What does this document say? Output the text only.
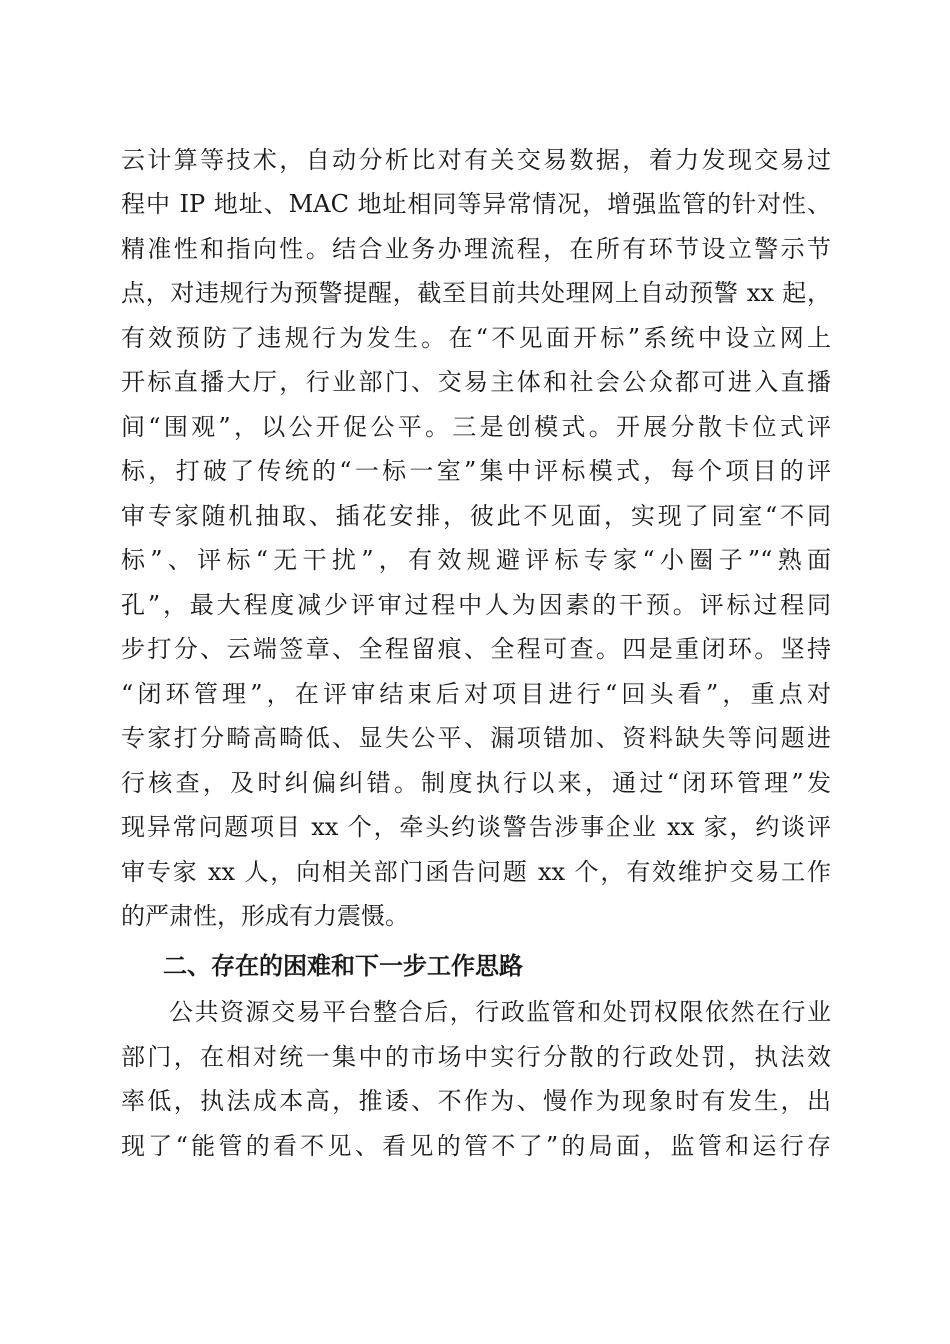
云计算等技术，自动分析比对有关交易数据，着力发现交易过
程中 IP 地址、MAC 地址相同等异常情况，增强监管的针对性、
精准性和指向性。结合业务办理流程，在所有环节设立警示节
点，对违规行为预警提醒，截至目前共处理网上自动预警 xx 起，
有效预防了违规行为发生。在“不见面开标”系统中设立网上
开标直播大厅，行业部门、交易主体和社会公众都可进入直播
间“围观”，以公开促公平。三是创模式。开展分散卡位式评
标，打破了传统的“一标一室”集中评标模式，每个项目的评
审专家随机抽取、插花安排，彼此不见面，实现了同室“不同
标”、评标“无干扰”，有效规避评标专家“小圈子”“熟面
孔”，最大程度减少评审过程中人为因素的干预。评标过程同
步打分、云端签章、全程留痕、全程可查。四是重闭环。坚持
“闭环管理”，在评审结束后对项目进行“回头看”，重点对
专家打分畸高畸低、显失公平、漏项错加、资料缺失等问题进
行核查，及时纠偏纠错。制度执行以来，通过“闭环管理”发
现异常问题项目 xx 个，牵头约谈警告涉事企业 xx 家，约谈评
审专家 xx 人，向相关部门函告问题 xx 个，有效维护交易工作
的严肃性，形成有力震慑。
二、存在的困难和下一步工作思路
公共资源交易平台整合后，行政监管和处罚权限依然在行业
部门，在相对统一集中的市场中实行分散的行政处罚，执法效
率低，执法成本高，推诿、不作为、慢作为现象时有发生，出
现了“能管的看不见、看见的管不了”的局面，监管和运行存
